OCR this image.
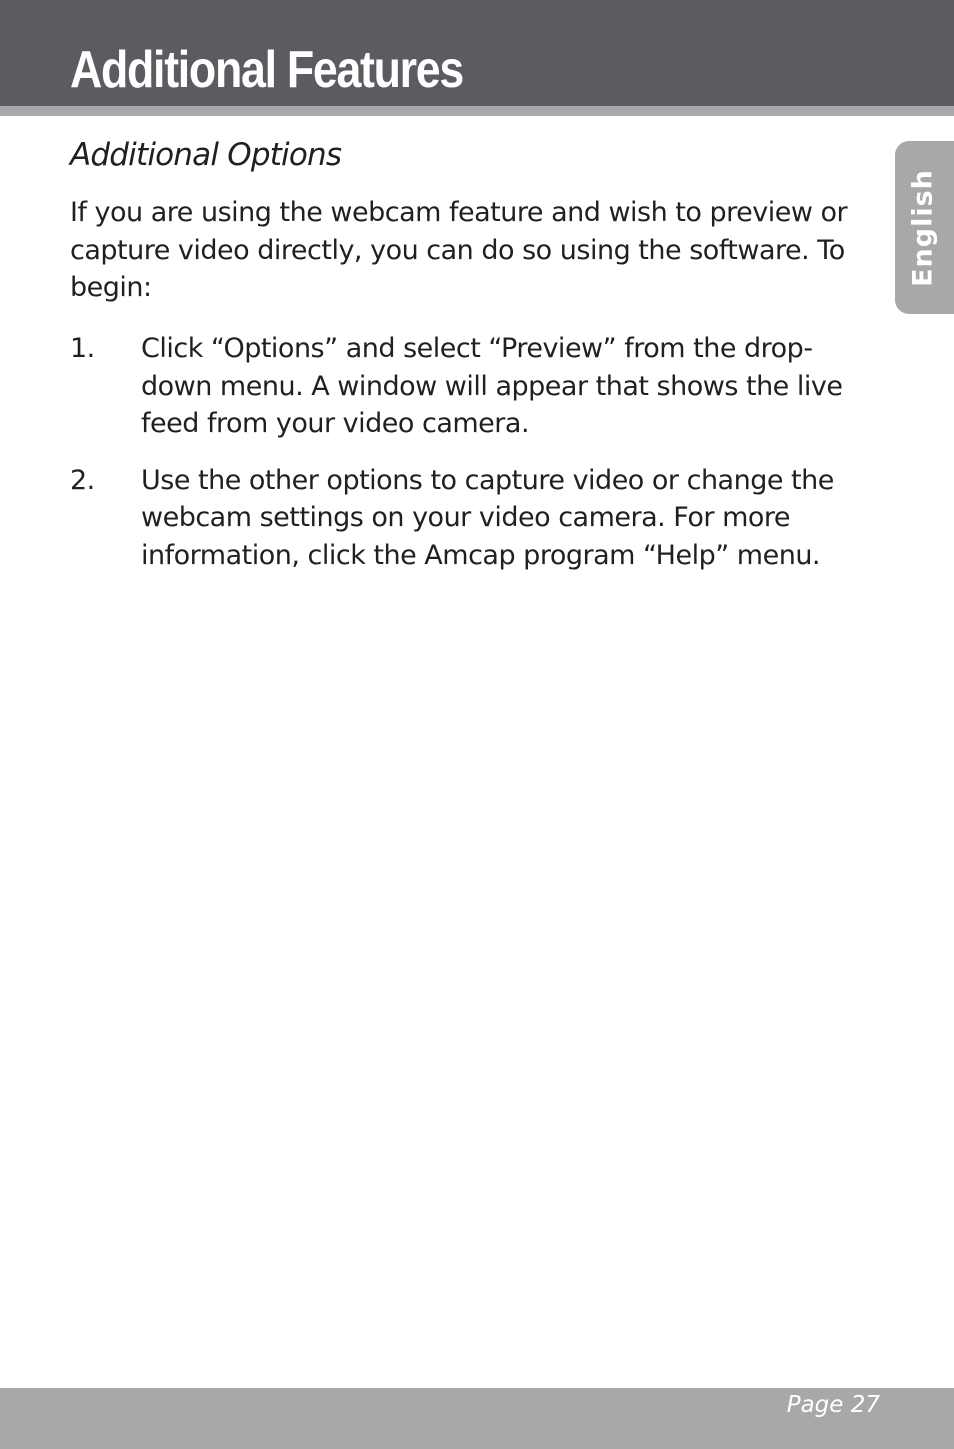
Additional Features
English
Additional Options

If you are using the webcam feature and wish to preview or capture video directly, you can do so using the software. To begin:

1. Click “Options” and select “Preview” from the drop-down menu. A window will appear that shows the live feed from your video camera.
2. Use the other options to capture video or change the webcam settings on your video camera. For more information, click the Amcap program “Help” menu.
Page 27
